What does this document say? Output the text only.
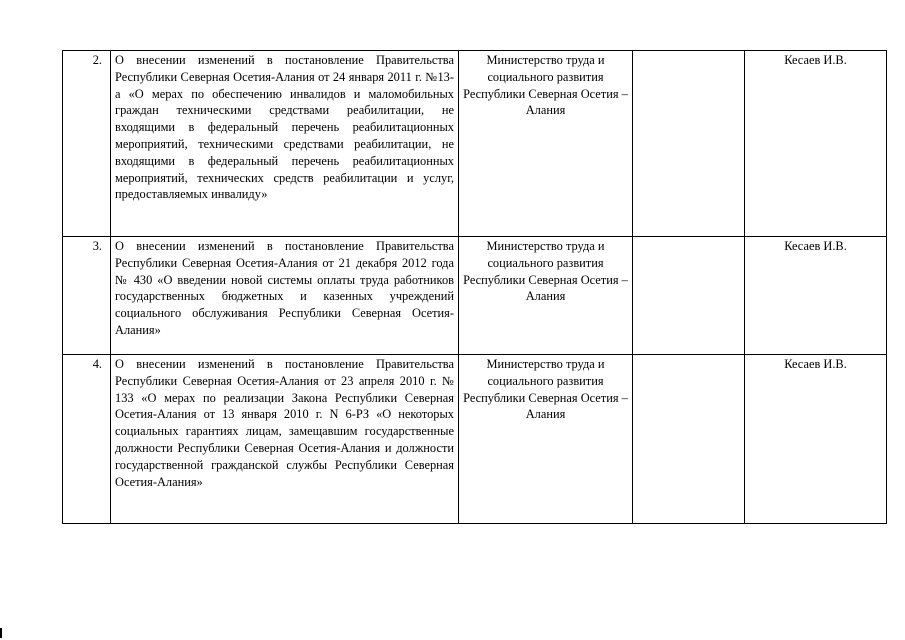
2.	О внесении изменений в постановление Правительства Республики Северная Осетия-Алания от 24 января 2011 г. №13-а «О мерах по обеспечению инвалидов и маломобильных граждан техническими средствами реабилитации, не входящими в федеральный перечень реабилитационных мероприятий, техническими средствами реабилитации, не входящими в федеральный перечень реабилитационных мероприятий, технических средств реабилитации и услуг, предоставляемых инвалиду»	Министерство труда и социального развития Республики Северная Осетия – Алания		Кесаев И.В.
3.	О внесении изменений в постановление Правительства Республики Северная Осетия-Алания от 21 декабря 2012 года № 430 «О введении новой системы оплаты труда работников государственных бюджетных и казенных учреждений социального обслуживания Республики Северная Осетия-Алания»	Министерство труда и социального развития Республики Северная Осетия – Алания		Кесаев И.В.
4.	О внесении изменений в постановление Правительства Республики Северная Осетия-Алания от 23 апреля 2010 г. № 133 «О мерах по реализации Закона Республики Северная Осетия-Алания от 13 января 2010 г. N 6-РЗ «О некоторых социальных гарантиях лицам, замещавшим государственные должности Республики Северная Осетия-Алания и должности государственной гражданской службы Республики Северная Осетия-Алания»	Министерство труда и социального развития Республики Северная Осетия – Алания		Кесаев И.В.
